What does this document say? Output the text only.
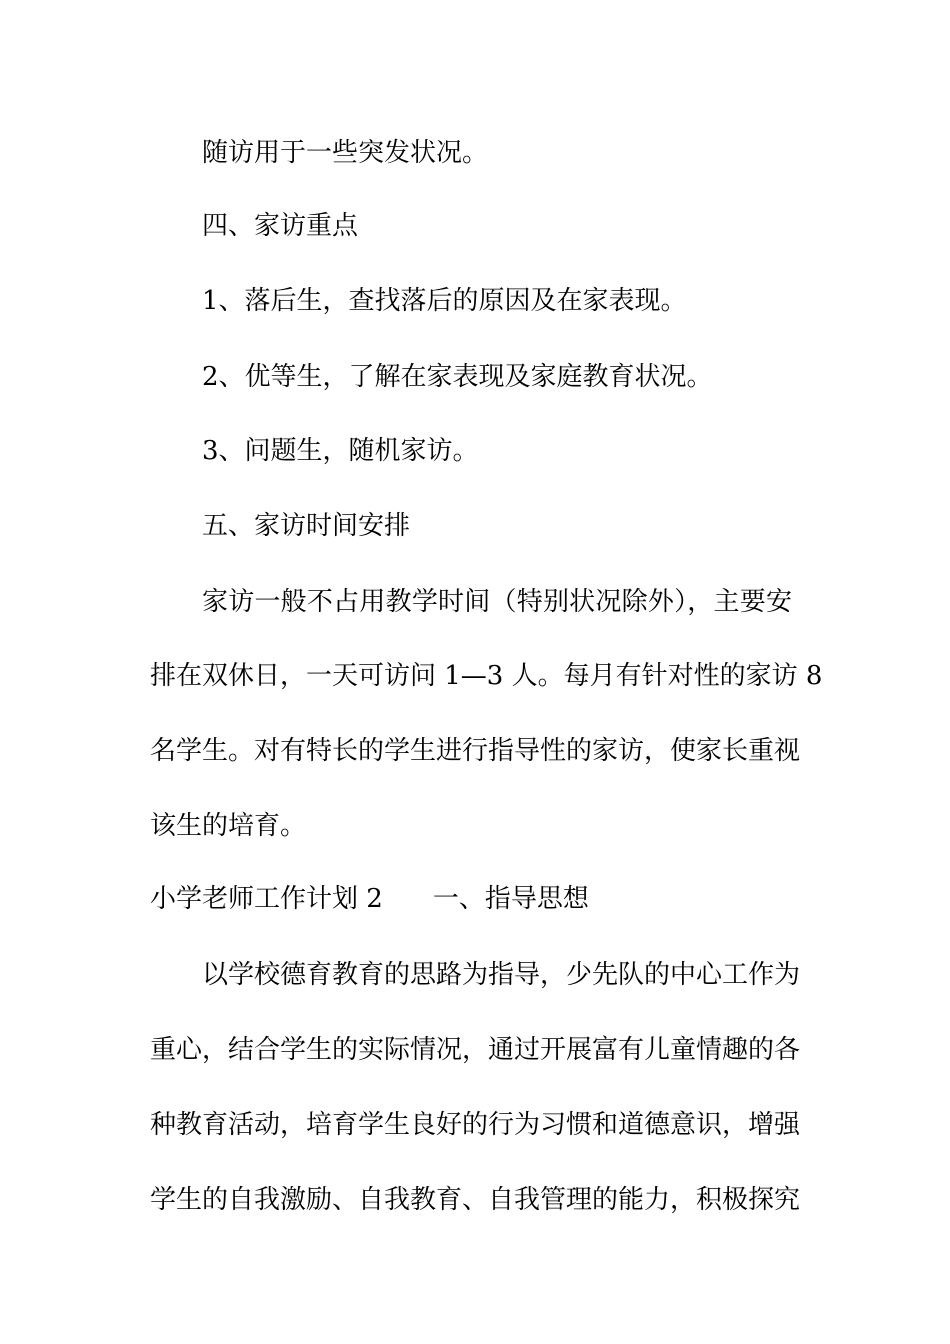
随访用于一些突发状况。
四、家访重点
1、落后生，查找落后的原因及在家表现。
2、优等生，了解在家表现及家庭教育状况。
3、问题生，随机家访。
五、家访时间安排
家访一般不占用教学时间（特别状况除外），主要安
排在双休日，一天可访问 1—3 人。每月有针对性的家访 8
名学生。对有特长的学生进行指导性的家访，使家长重视
该生的培育。
小学老师工作计划 2 一、指导思想
以学校德育教育的思路为指导，少先队的中心工作为
重心，结合学生的实际情况，通过开展富有儿童情趣的各
种教育活动，培育学生良好的行为习惯和道德意识，增强
学生的自我激励、自我教育、自我管理的能力，积极探究
